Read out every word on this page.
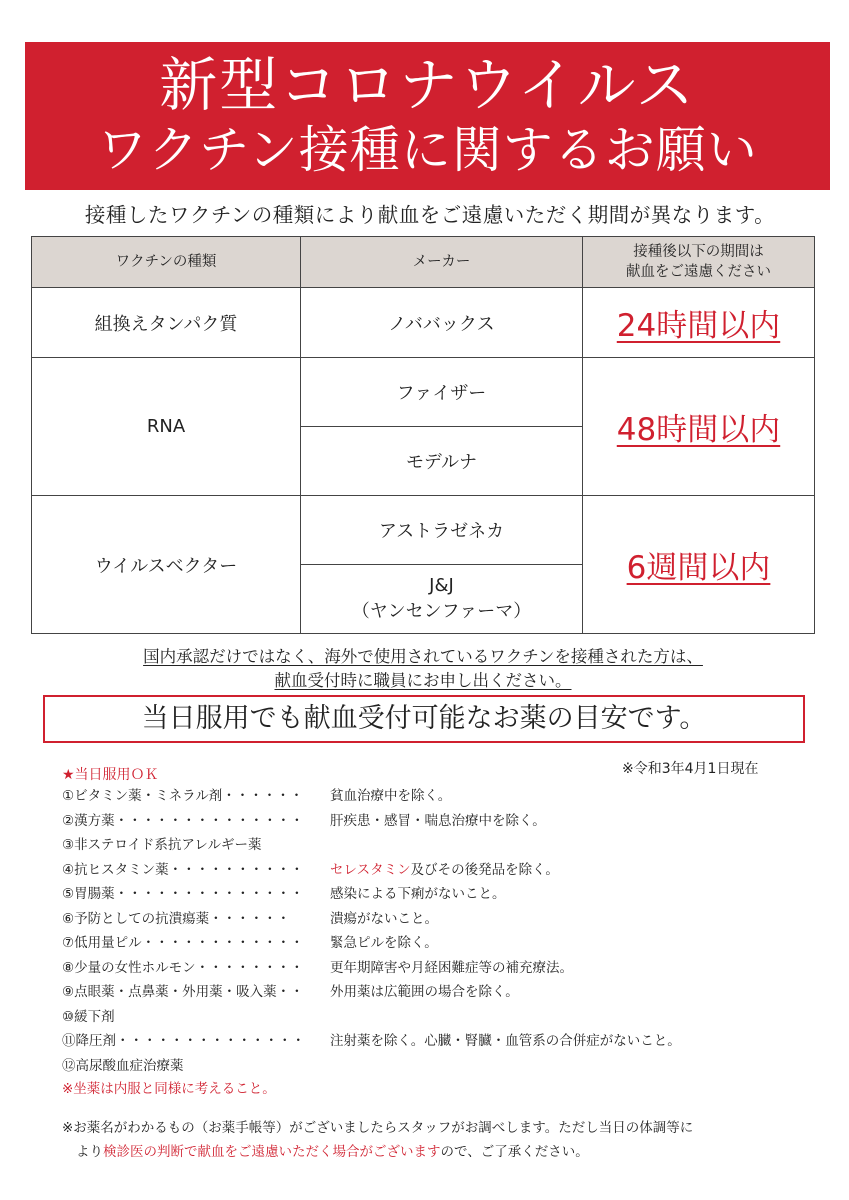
新型コロナウイルス
ワクチン接種に関するお願い
接種したワクチンの種類により献血をご遠慮いただく期間が異なります。
ワクチンの種類	メーカー	接種後以下の期間は
献血をご遠慮ください
組換えタンパク質	ノババックス	24時間以内
RNA	ファイザー	48時間以内
	モデルナ	
ウイルスベクター	アストラゼネカ	6週間以内
	J&J
（ヤンセンファーマ）	
国内承認だけではなく、海外で使用されているワクチンを接種された方は、
献血受付時に職員にお申し出ください。
当日服用でも献血受付可能なお薬の目安です。
★当日服用ＯＫ	※令和3年4月1日現在
①ビタミン薬・ミネラル剤・・・・・・ 貧血治療中を除く。
②漢方薬・・・・・・・・・・・・・・ 肝疾患・感冒・喘息治療中を除く。
③非ステロイド系抗アレルギー薬
④抗ヒスタミン薬・・・・・・・・・・ セレスタミン及びその後発品を除く。
⑤胃腸薬・・・・・・・・・・・・・・ 感染による下痢がないこと。
⑥予防としての抗潰瘍薬・・・・・・	潰瘍がないこと。
⑦低用量ピル・・・・・・・・・・・・ 緊急ピルを除く。
⑧少量の女性ホルモン・・・・・・・・ 更年期障害や月経困難症等の補充療法。
⑨点眼薬・点鼻薬・外用薬・吸入薬・・ 外用薬は広範囲の場合を除く。
⑩緩下剤
⑪降圧剤・・・・・・・・・・・・・・ 注射薬を除く。心臓・腎臓・血管系の合併症がないこと。
⑫高尿酸血症治療薬
※坐薬は内服と同様に考えること。
※お薬名がわかるもの（お薬手帳等）がございましたらスタッフがお調べします。ただし当日の体調等に
より検診医の判断で献血をご遠慮いただく場合がございますので、ご了承ください。
